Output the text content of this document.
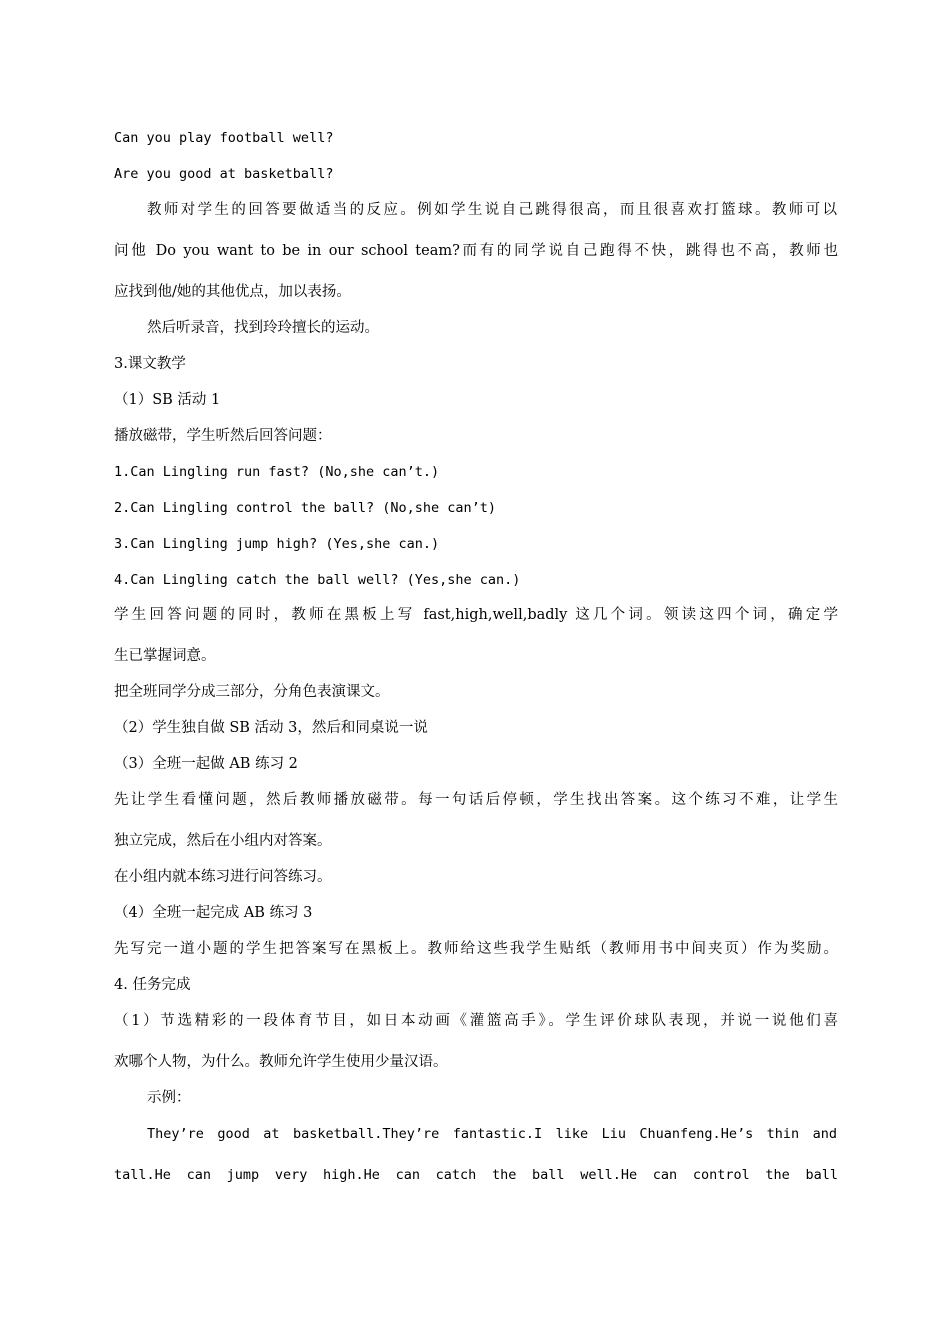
Can you play football well?

Are you good at basketball?

教师对学生的回答要做适当的反应。例如学生说自己跳得很高，而且很喜欢打篮球。教师可以

问他 Do you want to be in our school team?而有的同学说自己跑得不快，跳得也不高，教师也

应找到他/她的其他优点，加以表扬。

然后听录音，找到玲玲擅长的运动。

3.课文教学

（1）SB 活动 1

播放磁带，学生听然后回答问题：

1.Can Lingling run fast? (No,she can’t.)

2.Can Lingling control the ball? (No,she can’t)

3.Can Lingling jump high? (Yes,she can.)

4.Can Lingling catch the ball well? (Yes,she can.)

学生回答问题的同时，教师在黑板上写 fast,high,well,badly 这几个词。领读这四个词，确定学

生已掌握词意。

把全班同学分成三部分，分角色表演课文。

（2）学生独自做 SB 活动 3，然后和同桌说一说

（3）全班一起做 AB 练习 2

先让学生看懂问题，然后教师播放磁带。每一句话后停顿，学生找出答案。这个练习不难，让学生

独立完成，然后在小组内对答案。

在小组内就本练习进行问答练习。

（4）全班一起完成 AB 练习 3

先写完一道小题的学生把答案写在黑板上。教师给这些我学生贴纸（教师用书中间夹页）作为奖励。

4. 任务完成

（1）节选精彩的一段体育节目，如日本动画《灌篮高手》。学生评价球队表现，并说一说他们喜

欢哪个人物，为什么。教师允许学生使用少量汉语。

示例：

They’re good at basketball.They’re fantastic.I like Liu Chuanfeng.He’s thin and

tall.He can jump very high.He can catch the ball well.He can control the ball
